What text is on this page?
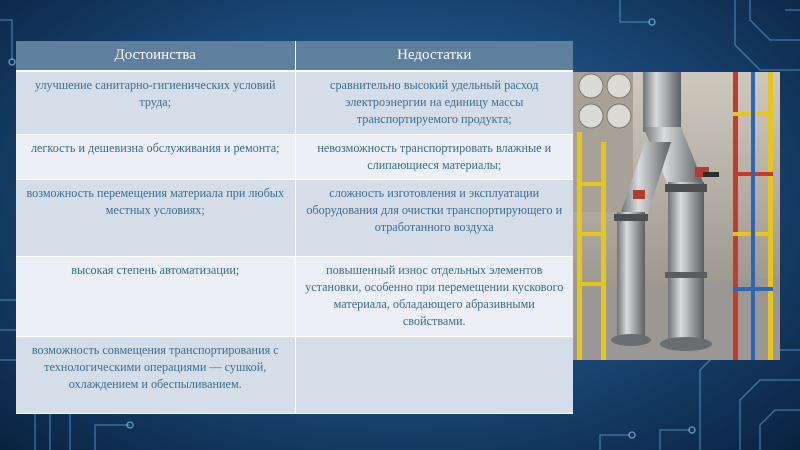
Достоинства	Недостатки
улучшение санитарно-гигиенических условий труда;	сравнительно высокий удельный расход электроэнергии на единицу массы транспортируемого продукта;
легкость и дешевизна обслуживания и ремонта;	невозможность транспортировать влажные и слипающиеся материалы;
возможность перемещения материала при любых местных условиях;	сложность изготовления и эксплуатации оборудования для очистки транспортирующего и отработанного воздуха
высокая степень автоматизации;	повышенный износ отдельных элементов установки, особенно при перемещении кускового материала, обладающего абразивными свойствами.
возможность совмещения транспортирования с технологическими операциями — сушкой, охлаждением и обеспыливанием.	
